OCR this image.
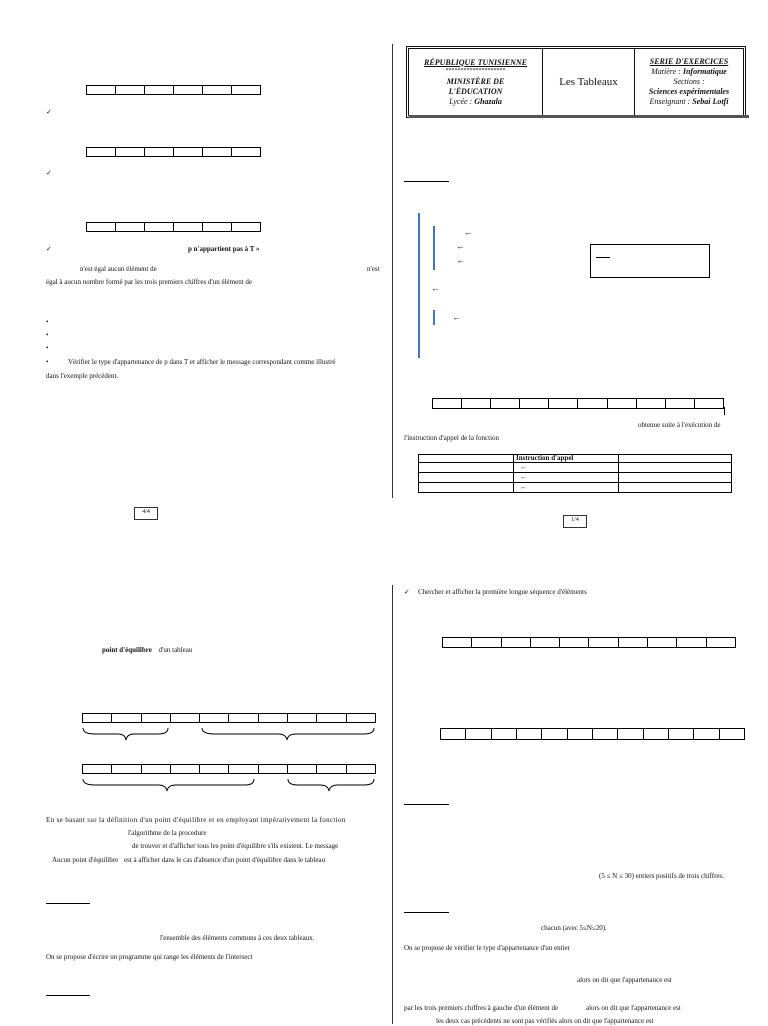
✓
✓
✓	p n'appartient pas à T »
n'est égal aucun élément de	n'est
égal à aucun nombre formé par les trois premiers chiffres d'un élément de
•
•
•
•	Vérifier le type d'appartenance de p dans T et afficher le message correspondant comme illustré
dans l'exemple précédent.
4/4
RÉPUBLIQUE TUNISIENNE
********************
MINISTÈRE DE
L'ÉDUCATION
Lycée : Ghazala
Les Tableaux
SERIE D'EXERCICES
Matière : Informatique
Sections :
Sciences expérimentales
Enseignant : Sebai Lotfi
←
←
←
←
←
obtenue suite à l'exécution de
l'instruction d'appel de la fonction
	Instruction d'appel	
	←	
	←	
	←	
1/4
point d'équilibre d'un tableau
En se basant sur la définition d'un point d'équilibre et en employant impérativement la fonction
l'algorithme de la procedure
de trouver et d'afficher tous les point d'équilibre s'ils existent. Le message
Aucun point d'équilibre est à afficher dans le cas d'absence d'un point d'équilibre dans le tableau
l'ensemble des éléments communs à ces deux tableaux.
On se propose d'écrire un programme qui range les éléments de l'intersect
✓ Chercher et afficher la première longue séquence d'éléments
(5 ≤ N ≤ 30) entiers positifs de trois chiffres.
chacun (avec 5≤N≤20).
On se propose de vérifier le type d'appartenance d'un entier
alors on dit que l'appartenance est
par les trois premiers chiffres à gauche d'un élément de	alors on dit que l'appartenance est
les deux cas précédents ne sont pas vérifiés alors on dit que l'appartenance est
